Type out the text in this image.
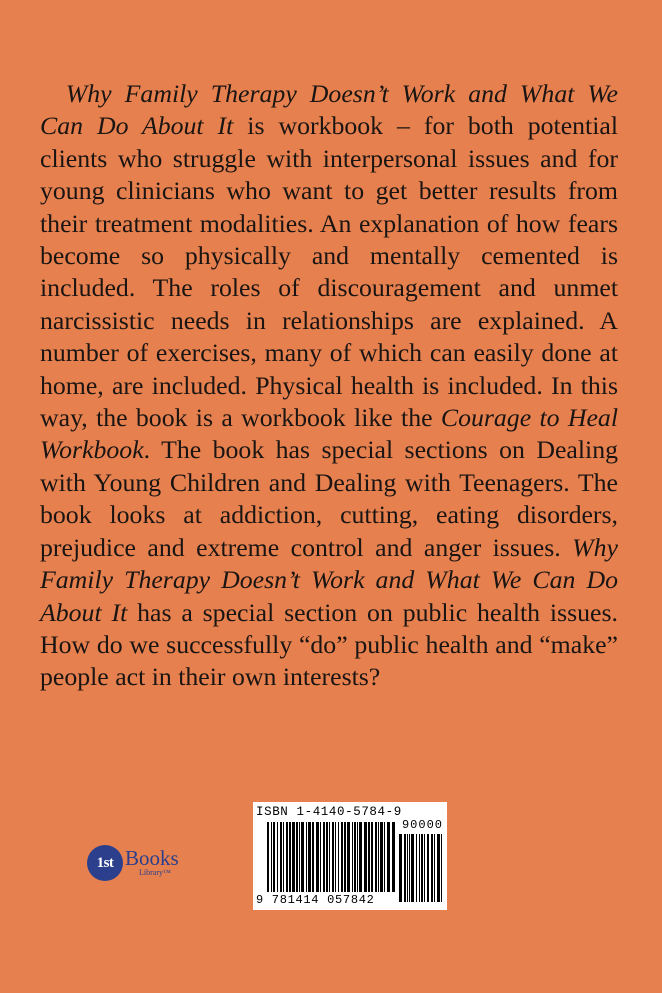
 Why Family Therapy Doesn’t Work and What We Can Do About It is workbook – for both potential clients who struggle with interpersonal issues and for young clinicians who want to get better results from their treatment modalities. An explanation of how fears become so physically and mentally cemented is included. The roles of discouragement and unmet narcissistic needs in relationships are explained. A number of exercises, many of which can easily done at home, are included. Physical health is included. In this way, the book is a workbook like the Courage to Heal Workbook. The book has special sections on Dealing with Young Children and Dealing with Teenagers. The book looks at addiction, cutting, eating disorders, prejudice and extreme control and anger issues. Why Family Therapy Doesn’t Work and What We Can Do About It has a special section on public health issues. How do we successfully “do” public health and “make” people act in their own interests?

1st Books
Library™
ISBN 1-4140-5784-9
90000
9 781414 057842
